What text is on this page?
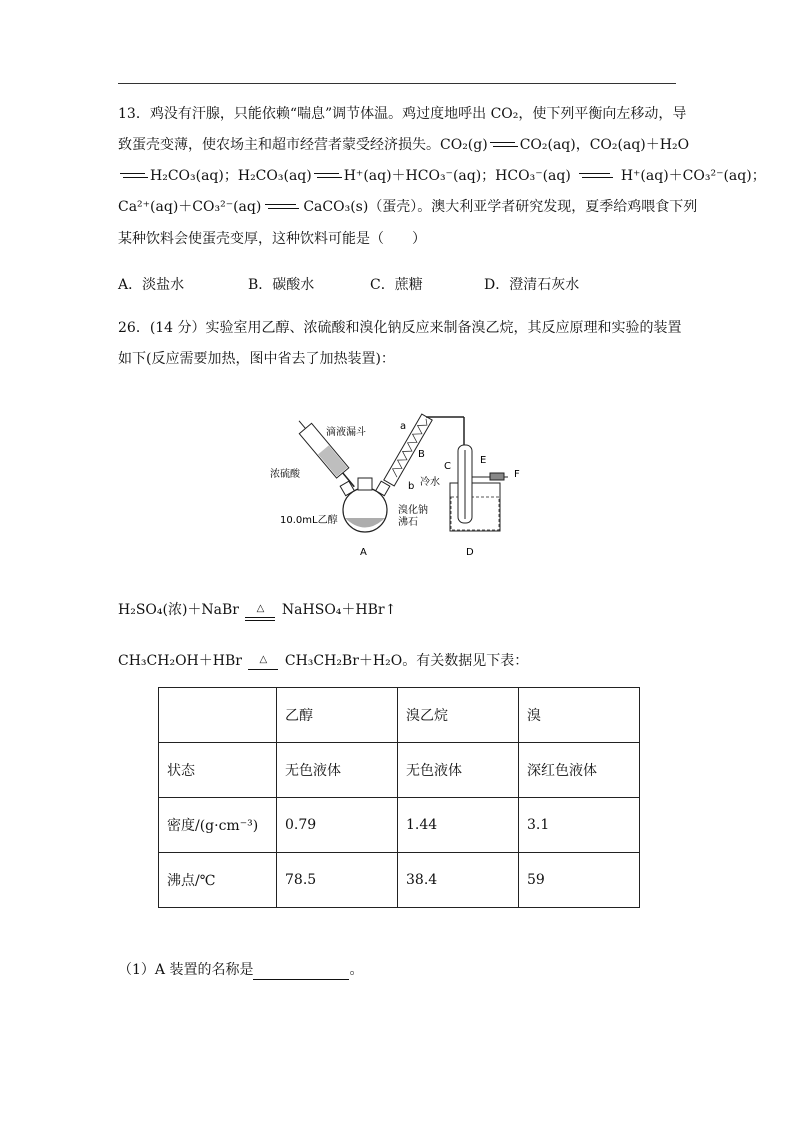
13．鸡没有汗腺，只能依赖“喘息”调节体温。鸡过度地呼出 CO₂，使下列平衡向左移动，导
致蛋壳变薄，使农场主和超市经营者蒙受经济损失。CO₂(g) CO₂(aq)，CO₂(aq)＋H₂O
H₂CO₃(aq)；H₂CO₃(aq) H⁺(aq)＋HCO₃⁻(aq)；HCO₃⁻(aq)	H⁺(aq)＋CO₃²⁻(aq)；
Ca²⁺(aq)＋CO₃²⁻(aq)	CaCO₃(s)（蛋壳）。澳大利亚学者研究发现，夏季给鸡喂食下列
某种饮料会使蛋壳变厚，这种饮料可能是（　　）
A．淡盐水	B．碳酸水	C．蔗糖	D．澄清石灰水
26．(14 分）实验室用乙醇、浓硫酸和溴化钠反应来制备溴乙烷，其反应原理和实验的装置
如下(反应需要加热，图中省去了加热装置)：
滴液漏斗
浓硫酸
10.0mL乙醇
溴化钠
沸石
冷水
a
b
B
C
E
F
A	D
H₂SO₄(浓)＋NaBr △ NaHSO₄＋HBr↑
CH₃CH₂OH＋HBr △ CH₃CH₂Br＋H₂O。有关数据见下表：
	乙醇	溴乙烷	溴
状态	无色液体	无色液体	深红色液体
密度/(g·cm⁻³)	0.79	1.44	3.1
沸点/℃	78.5	38.4	59
（1）A 装置的名称是	。
